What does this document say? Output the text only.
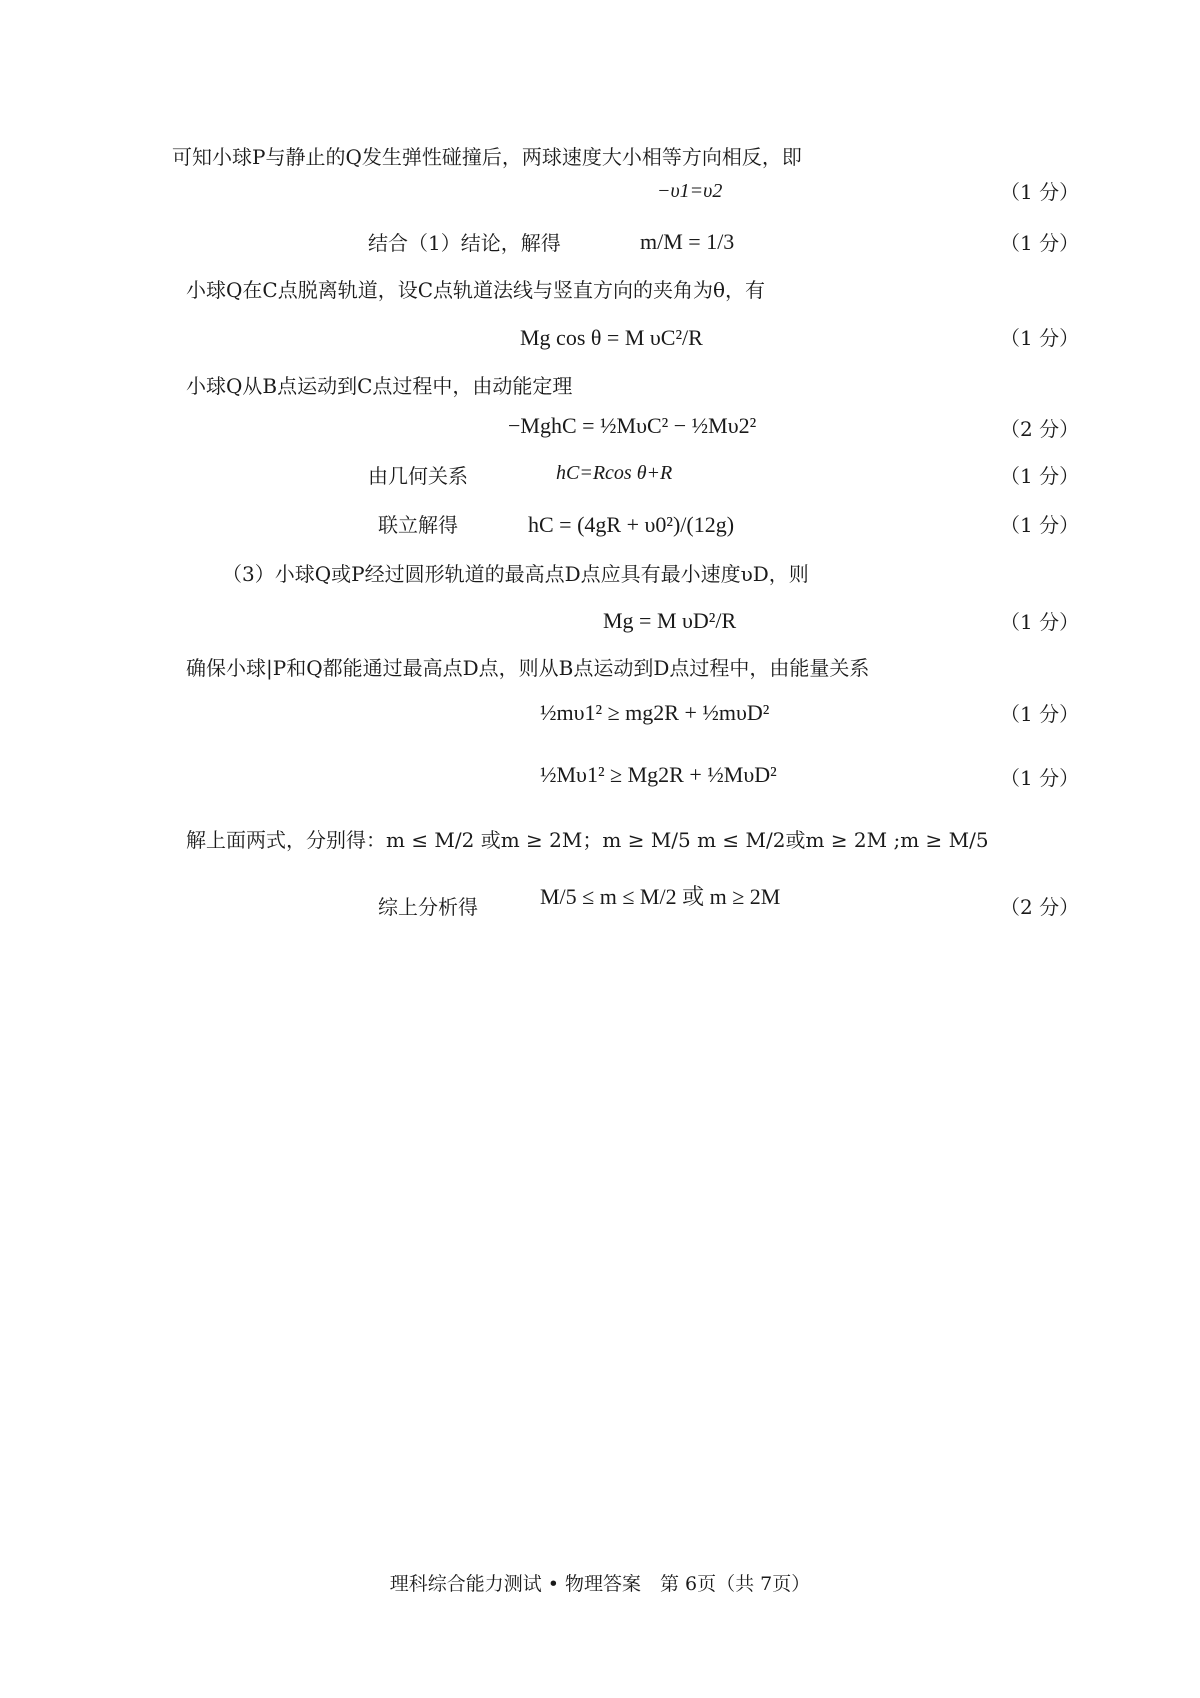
可知小球P与静止的Q发生弹性碰撞后，两球速度大小相等方向相反，即
−υ1=υ2	（1 分）
结合（1）结论，解得	m/M = 1/3	（1 分）
小球Q在C点脱离轨道，设C点轨道法线与竖直方向的夹角为θ，有
Mg cos θ = M υC²/R	（1 分）
小球Q从B点运动到C点过程中，由动能定理
−MghC = ½MυC² − ½Mυ2²	（2 分）
由几何关系	hC=Rcos θ+R	（1 分）
联立解得	hC = (4gR + υ0²)/(12g)	（1 分）
（3）小球Q或P经过圆形轨道的最高点D点应具有最小速度υD，则
Mg = M υD²/R	（1 分）
确保小球|P和Q都能通过最高点D点，则从B点运动到D点过程中，由能量关系
½mυ1² ≥ mg2R + ½mυD²	（1 分）
½Mυ1² ≥ Mg2R + ½MυD²	（1 分）
解上面两式，分别得：m ≤ M/2 或m ≥ 2M；m ≥ M/5 m ≤ M/2或m ≥ 2M ;m ≥ M/5
综上分析得	M/5 ≤ m ≤ M/2 或 m ≥ 2M	（2 分）
理科综合能力测试 • 物理答案　第 6页（共 7页）
